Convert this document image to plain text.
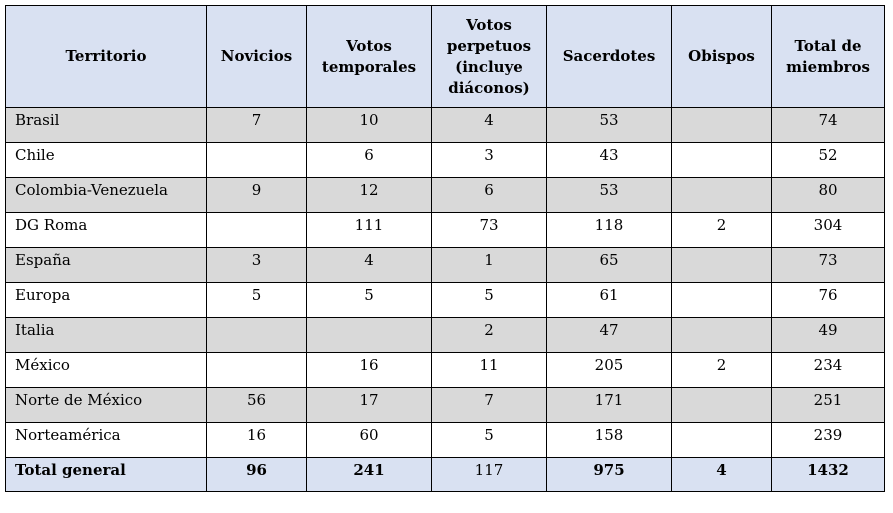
Territorio	Novicios	Votos temporales	Votos perpetuos (incluye diáconos)	Sacerdotes	Obispos	Total de miembros
Brasil	7	10	4	53		74
Chile		6	3	43		52
Colombia-Venezuela	9	12	6	53		80
DG Roma		111	73	118	2	304
España	3	4	1	65		73
Europa	5	5	5	61		76
Italia			2	47		49
México		16	11	205	2	234
Norte de México	56	17	7	171		251
Norteamérica	16	60	5	158		239
Total general	96	241	117	975	4	1432
